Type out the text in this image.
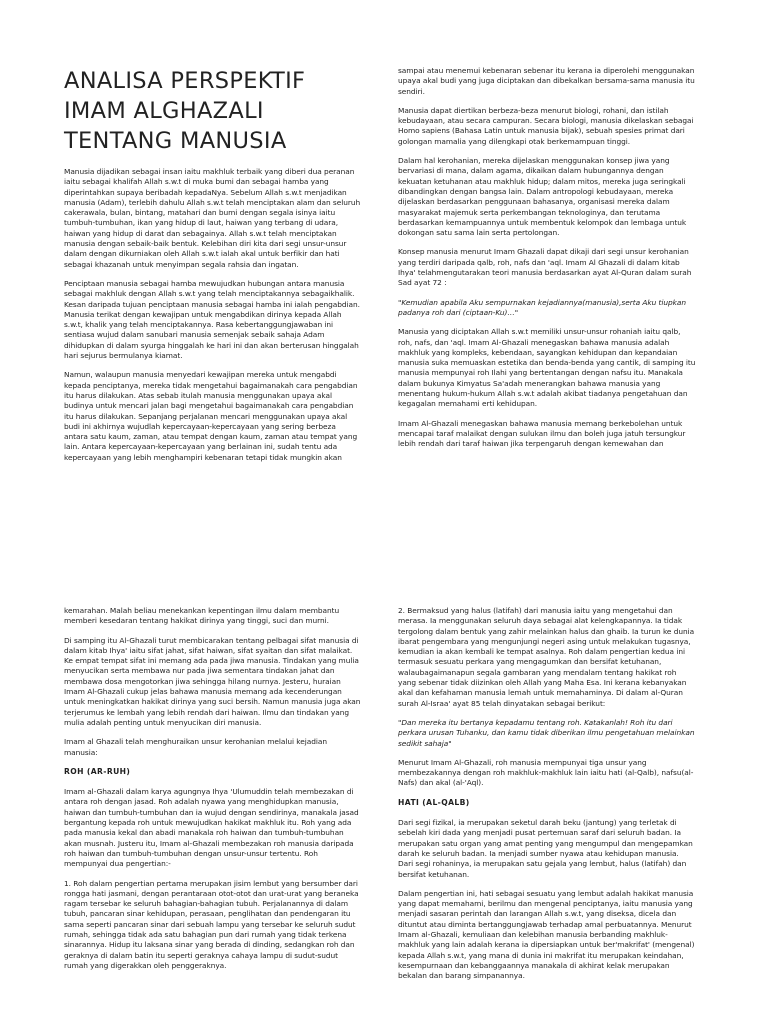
ANALISA PERSPEKTIF
IMAM ALGHAZALI
TENTANG MANUSIA

Manusia dijadikan sebagai insan iaitu makhluk terbaik yang diberi dua peranan iaitu sebagai khalifah Allah s.w.t di muka bumi dan sebagai hamba yang diperintahkan supaya beribadah kepadaNya. Sebelum Allah s.w.t menjadikan manusia (Adam), terlebih dahulu Allah s.w.t telah menciptakan alam dan seluruh cakerawala, bulan, bintang, matahari dan bumi dengan segala isinya iaitu tumbuh-tumbuhan, ikan yang hidup di laut, haiwan yang terbang di udara, haiwan yang hidup di darat dan sebagainya. Allah s.w.t telah menciptakan manusia dengan sebaik-baik bentuk. Kelebihan diri kita dari segi unsur-unsur dalam dengan dikurniakan oleh Allah s.w.t ialah akal untuk berfikir dan hati sebagai khazanah untuk menyimpan segala rahsia dan ingatan.

Penciptaan manusia sebagai hamba mewujudkan hubungan antara manusia sebagai makhluk dengan Allah s.w.t yang telah menciptakannya sebagaikhalik. Kesan daripada tujuan penciptaan manusia sebagai hamba ini ialah pengabdian. Manusia terikat dengan kewajipan untuk mengabdikan dirinya kepada Allah s.w.t, khalik yang telah menciptakannya. Rasa kebertanggungjawaban ini sentiasa wujud dalam sanubari manusia semenjak sebaik sahaja Adam dihidupkan di dalam syurga hinggalah ke hari ini dan akan berterusan hinggalah hari sejurus bermulanya kiamat.

Namun, walaupun manusia menyedari kewajipan mereka untuk mengabdi kepada penciptanya, mereka tidak mengetahui bagaimanakah cara pengabdian itu harus dilakukan. Atas sebab itulah manusia menggunakan upaya akal budinya untuk mencari jalan bagi mengetahui bagaimanakah cara pengabdian itu harus dilakukan. Sepanjang perjalanan mencari menggunakan upaya akal budi ini akhirnya wujudlah kepercayaan-kepercayaan yang sering berbeza antara satu kaum, zaman, atau tempat dengan kaum, zaman atau tempat yang lain. Antara kepercayaan-kepercayaan yang berlainan ini, sudah tentu ada kepercayaan yang lebih menghampiri kebenaran tetapi tidak mungkin akan

sampai atau menemui kebenaran sebenar itu kerana ia diperolehi menggunakan upaya akal budi yang juga diciptakan dan dibekalkan bersama-sama manusia itu sendiri.

Manusia dapat diertikan berbeza-beza menurut biologi, rohani, dan istilah kebudayaan, atau secara campuran. Secara biologi, manusia dikelaskan sebagai Homo sapiens (Bahasa Latin untuk manusia bijak), sebuah spesies primat dari golongan mamalia yang dilengkapi otak berkemampuan tinggi.

Dalam hal kerohanian, mereka dijelaskan menggunakan konsep jiwa yang bervariasi di mana, dalam agama, dikaikan dalam hubungannya dengan kekuatan ketuhanan atau makhluk hidup; dalam mitos, mereka juga seringkali dibandingkan dengan bangsa lain. Dalam antropologi kebudayaan, mereka dijelaskan berdasarkan penggunaan bahasanya, organisasi mereka dalam masyarakat majemuk serta perkembangan teknologinya, dan terutama berdasarkan kemampuannya untuk membentuk kelompok dan lembaga untuk dokongan satu sama lain serta pertolongan.

Konsep manusia menurut Imam Ghazali dapat dikaji dari segi unsur kerohanian yang terdiri daripada qalb, roh, nafs dan 'aql. Imam Al Ghazali di dalam kitab Ihya' telahmengutarakan teori manusia berdasarkan ayat Al-Quran dalam surah Sad ayat 72 :

"Kemudian apabila Aku sempurnakan kejadiannya(manusia),serta Aku tiupkan padanya roh dari (ciptaan-Ku)…"

Manusia yang diciptakan Allah s.w.t memiliki unsur-unsur rohaniah iaitu qalb, roh, nafs, dan 'aql. Imam Al-Ghazali menegaskan bahawa manusia adalah makhluk yang kompleks, kebendaan, sayangkan kehidupan dan kepandaian manusia suka memuaskan estetika dan benda-benda yang cantik, di samping itu manusia mempunyai roh Ilahi yang bertentangan dengan nafsu itu. Manakala dalam bukunya Kimyatus Sa'adah menerangkan bahawa manusia yang menentang hukum-hukum Allah s.w.t adalah akibat tiadanya pengetahuan dan kegagalan memahami erti kehidupan.

Imam Al-Ghazali menegaskan bahawa manusia memang berkebolehan untuk mencapai taraf malaikat dengan sulukan ilmu dan boleh juga jatuh tersungkur lebih rendah dari taraf haiwan jika terpengaruh dengan kemewahan dan

kemarahan. Malah beliau menekankan kepentingan ilmu dalam membantu memberi kesedaran tentang hakikat dirinya yang tinggi, suci dan murni.

Di samping itu Al-Ghazali turut membicarakan tentang pelbagai sifat manusia di dalam kitab Ihya' iaitu sifat jahat, sifat haiwan, sifat syaitan dan sifat malaikat. Ke empat tempat sifat ini memang ada pada jiwa manusia. Tindakan yang mulia menyucikan serta membawa nur pada jiwa sementara tindakan jahat dan membawa dosa mengotorkan jiwa sehingga hilang nurnya. Jesteru, huraian Imam Al-Ghazali cukup jelas bahawa manusia memang ada kecenderungan untuk meningkatkan hakikat dirinya yang suci bersih. Namun manusia juga akan terjerumus ke lembah yang lebih rendah dari haiwan. Ilmu dan tindakan yang mulia adalah penting untuk menyucikan diri manusia.

Imam al Ghazali telah menghuraikan unsur kerohanian melalui kejadian manusia:

ROH (AR-RUH)

Imam al-Ghazali dalam karya agungnya Ihya 'Ulumuddin telah membezakan di antara roh dengan jasad. Roh adalah nyawa yang menghidupkan manusia, haiwan dan tumbuh-tumbuhan dan ia wujud dengan sendirinya, manakala jasad bergantung kepada roh untuk mewujudkan hakikat makhluk itu. Roh yang ada pada manusia kekal dan abadi manakala roh haiwan dan tumbuh-tumbuhan akan musnah. Justeru itu, Imam al-Ghazali membezakan roh manusia daripada roh haiwan dan tumbuh-tumbuhan dengan unsur-unsur tertentu. Roh mempunyai dua pengertian:-

1. Roh dalam pengertian pertama merupakan jisim lembut yang bersumber dari rongga hati jasmani, dengan perantaraan otot-otot dan urat-urat yang beraneka ragam tersebar ke seluruh bahagian-bahagian tubuh. Perjalanannya di dalam tubuh, pancaran sinar kehidupan, perasaan, penglihatan dan pendengaran itu sama seperti pancaran sinar dari sebuah lampu yang tersebar ke seluruh sudut rumah, sehingga tidak ada satu bahagian pun dari rumah yang tidak terkena sinarannya. Hidup itu laksana sinar yang berada di dinding, sedangkan roh dan geraknya di dalam batin itu seperti geraknya cahaya lampu di sudut-sudut rumah yang digerakkan oleh penggeraknya.

2. Bermaksud yang halus (latifah) dari manusia iaitu yang mengetahui dan merasa. Ia menggunakan seluruh daya sebagai alat kelengkapannya. Ia tidak tergolong dalam bentuk yang zahir melainkan halus dan ghaib. Ia turun ke dunia ibarat pengembara yang mengunjungi negeri asing untuk melakukan tugasnya, kemudian ia akan kembali ke tempat asalnya. Roh dalam pengertian kedua ini termasuk sesuatu perkara yang mengagumkan dan bersifat ketuhanan, walaubagaimanapun segala gambaran yang mendalam tentang hakikat roh yang sebenar tidak diizinkan oleh Allah yang Maha Esa. Ini kerana kebanyakan akal dan kefahaman manusia lemah untuk memahaminya. Di dalam al-Quran surah Al-Israa' ayat 85 telah dinyatakan sebagai berikut:

"Dan mereka itu bertanya kepadamu tentang roh. Katakanlah! Roh itu dari perkara urusan Tuhanku, dan kamu tidak diberikan ilmu pengetahuan melainkan sedikit sahaja"

Menurut Imam Al-Ghazali, roh manusia mempunyai tiga unsur yang membezakannya dengan roh makhluk-makhluk lain iaitu hati (al-Qalb), nafsu(al-Nafs) dan akal (al-'Aql).

HATI (AL-QALB)

Dari segi fizikal, ia merupakan seketul darah beku (jantung) yang terletak di sebelah kiri dada yang menjadi pusat pertemuan saraf dari seluruh badan. Ia merupakan satu organ yang amat penting yang mengumpul dan mengepamkan darah ke seluruh badan. Ia menjadi sumber nyawa atau kehidupan manusia. Dari segi rohaninya, ia merupakan satu gejala yang lembut, halus (latifah) dan bersifat ketuhanan.

Dalam pengertian ini, hati sebagai sesuatu yang lembut adalah hakikat manusia yang dapat memahami, berilmu dan mengenal penciptanya, iaitu manusia yang menjadi sasaran perintah dan larangan Allah s.w.t, yang diseksa, dicela dan dituntut atau diminta bertanggungjawab terhadap amal perbuatannya. Menurut Imam al-Ghazali, kemuliaan dan kelebihan manusia berbanding makhluk-makhluk yang lain adalah kerana ia dipersiapkan untuk ber'makrifat' (mengenal) kepada Allah s.w.t, yang mana di dunia ini makrifat itu merupakan keindahan, kesempurnaan dan kebanggaannya manakala di akhirat kelak merupakan bekalan dan barang simpanannya.
